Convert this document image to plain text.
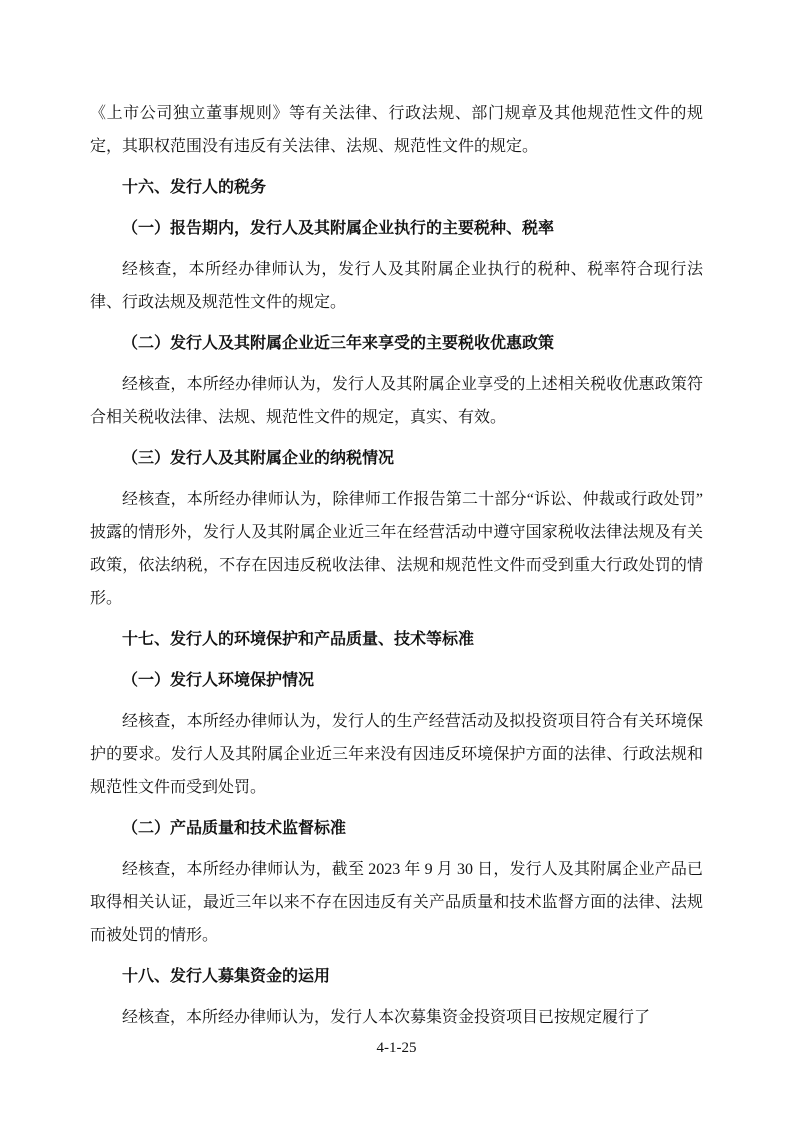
《上市公司独立董事规则》等有关法律、行政法规、部门规章及其他规范性文件的规定，其职权范围没有违反有关法律、法规、规范性文件的规定。

十六、发行人的税务

（一）报告期内，发行人及其附属企业执行的主要税种、税率

经核查，本所经办律师认为，发行人及其附属企业执行的税种、税率符合现行法律、行政法规及规范性文件的规定。

（二）发行人及其附属企业近三年来享受的主要税收优惠政策

经核查，本所经办律师认为，发行人及其附属企业享受的上述相关税收优惠政策符合相关税收法律、法规、规范性文件的规定，真实、有效。

（三）发行人及其附属企业的纳税情况

经核查，本所经办律师认为，除律师工作报告第二十部分“诉讼、仲裁或行政处罚”披露的情形外，发行人及其附属企业近三年在经营活动中遵守国家税收法律法规及有关政策，依法纳税，不存在因违反税收法律、法规和规范性文件而受到重大行政处罚的情形。

十七、发行人的环境保护和产品质量、技术等标准

（一）发行人环境保护情况

经核查，本所经办律师认为，发行人的生产经营活动及拟投资项目符合有关环境保护的要求。发行人及其附属企业近三年来没有因违反环境保护方面的法律、行政法规和规范性文件而受到处罚。

（二）产品质量和技术监督标准

经核查，本所经办律师认为，截至 2023 年 9 月 30 日，发行人及其附属企业产品已取得相关认证，最近三年以来不存在因违反有关产品质量和技术监督方面的法律、法规而被处罚的情形。

十八、发行人募集资金的运用

经核查，本所经办律师认为，发行人本次募集资金投资项目已按规定履行了

4-1-25
